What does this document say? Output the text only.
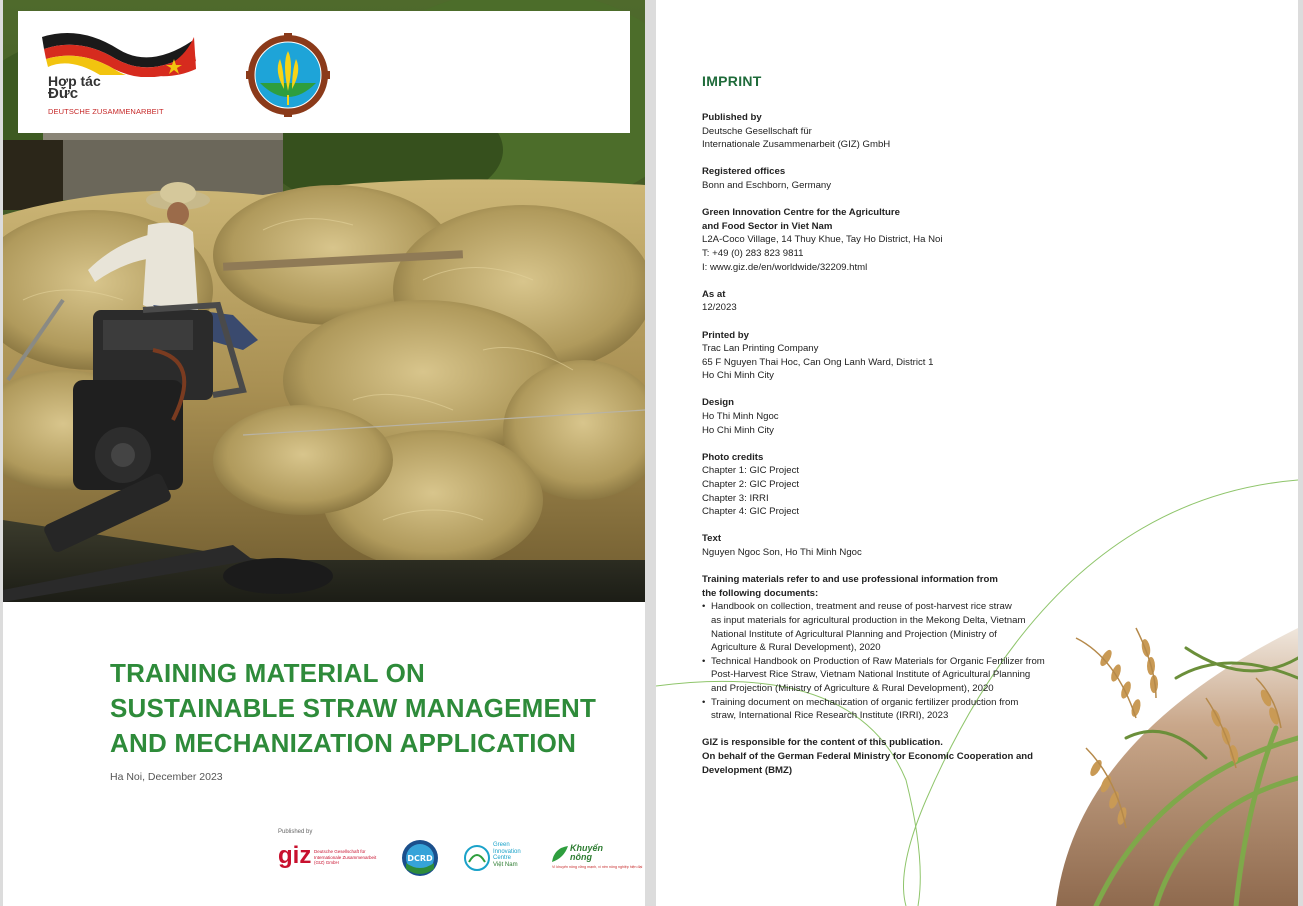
Hợp tác
Đức
DEUTSCHE ZUSAMMENARBEIT
TRAINING MATERIAL ON
SUSTAINABLE STRAW MANAGEMENT
AND MECHANIZATION APPLICATION
Ha Noi, December 2023
Published by
giz Deutsche Gesellschaft für Internationale Zusammenarbeit (GIZ) GmbH	DCRD
Green
Innovation
Centre
Việt Nam
Khuyến
nông
Vì khuyến nông vững mạnh, vì nền nông nghiệp hiện đại
IMPRINT
Published by
Deutsche Gesellschaft für
Internationale Zusammenarbeit (GIZ) GmbH
Registered offices
Bonn and Eschborn, Germany
Green Innovation Centre for the Agriculture
and Food Sector in Viet Nam
L2A-Coco Village, 14 Thuy Khue, Tay Ho District, Ha Noi
T: +49 (0) 283 823 9811
I: www.giz.de/en/worldwide/32209.html
As at
12/2023
Printed by
Trac Lan Printing Company
65 F Nguyen Thai Hoc, Can Ong Lanh Ward, District 1
Ho Chi Minh City
Design
Ho Thi Minh Ngoc
Ho Chi Minh City
Photo credits
Chapter 1: GIC Project
Chapter 2: GIC Project
Chapter 3: IRRI
Chapter 4: GIC Project
Text
Nguyen Ngoc Son, Ho Thi Minh Ngoc
Training materials refer to and use professional information from
the following documents:
• Handbook on collection, treatment and reuse of post-harvest rice straw
as input materials for agricultural production in the Mekong Delta, Vietnam
National Institute of Agricultural Planning and Projection (Ministry of
Agriculture & Rural Development), 2020
• Technical Handbook on Production of Raw Materials for Organic Fertilizer from
Post-Harvest Rice Straw, Vietnam National Institute of Agricultural Planning
and Projection (Ministry of Agriculture & Rural Development), 2020
• Training document on mechanization of organic fertilizer production from
straw, International Rice Research Institute (IRRI), 2023
GIZ is responsible for the content of this publication.
On behalf of the German Federal Ministry for Economic Cooperation and
Development (BMZ)
